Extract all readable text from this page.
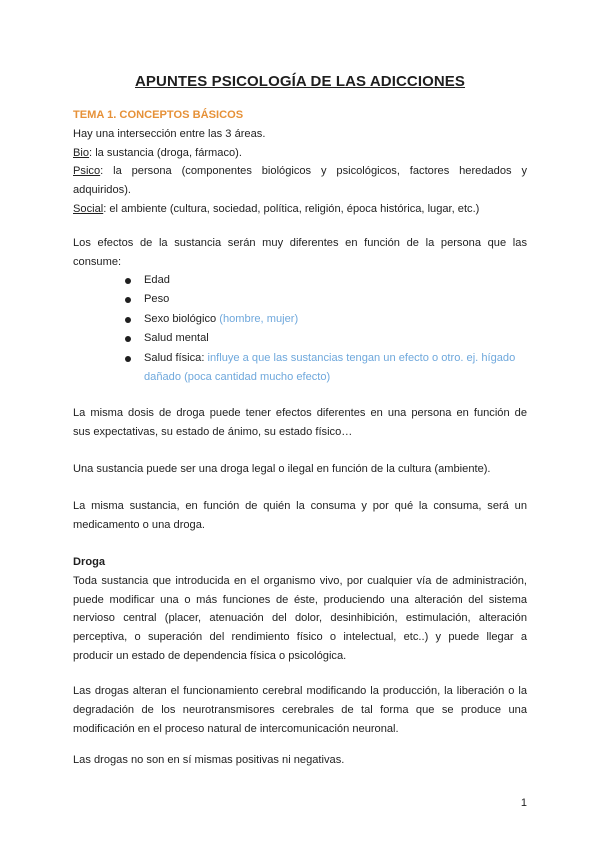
APUNTES PSICOLOGÍA DE LAS ADICCIONES
TEMA 1. CONCEPTOS BÁSICOS
Hay una intersección entre las 3 áreas.
Bio: la sustancia (droga, fármaco).
Psico: la persona (componentes biológicos y psicológicos, factores heredados y
adquiridos).
Social: el ambiente (cultura, sociedad, política, religión, época histórica, lugar, etc.)
Los efectos de la sustancia serán muy diferentes en función de la persona que las
consume:
Edad
Peso
Sexo biológico (hombre, mujer)
Salud mental
Salud física: influye a que las sustancias tengan un efecto o otro. ej. hígado
dañado (poca cantidad mucho efecto)
La misma dosis de droga puede tener efectos diferentes en una persona en función de
sus expectativas, su estado de ánimo, su estado físico…
Una sustancia puede ser una droga legal o ilegal en función de la cultura (ambiente).
La misma sustancia, en función de quién la consuma y por qué la consuma, será un
medicamento o una droga.
Droga
Toda sustancia que introducida en el organismo vivo, por cualquier vía de administración,
puede modificar una o más funciones de éste, produciendo una alteración del sistema
nervioso central (placer, atenuación del dolor, desinhibición, estimulación, alteración
perceptiva, o superación del rendimiento físico o intelectual, etc..) y puede llegar a
producir un estado de dependencia física o psicológica.
Las drogas alteran el funcionamiento cerebral modificando la producción, la liberación o la
degradación de los neurotransmisores cerebrales de tal forma que se produce una
modificación en el proceso natural de intercomunicación neuronal.
Las drogas no son en sí mismas positivas ni negativas.
1
